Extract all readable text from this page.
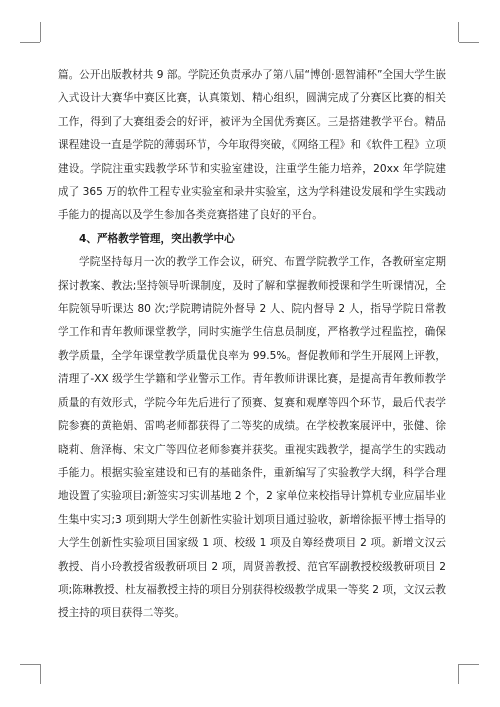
篇。公开出版教材共 9 部。学院还负责承办了第八届“博创·恩智浦杯”全国大学生嵌入式设计大赛华中赛区比赛，认真策划、精心组织，圆满完成了分赛区比赛的相关工作，得到了大赛组委会的好评，被评为全国优秀赛区。三是搭建教学平台。精品课程建设一直是学院的薄弱环节，今年取得突破，《网络工程》和《软件工程》立项建设。学院注重实践教学环节和实验室建设，注重学生能力培养，20xx 年学院建成了 365 万的软件工程专业实验室和录井实验室，这为学科建设发展和学生实践动手能力的提高以及学生参加各类竞赛搭建了良好的平台。

4、严格教学管理，突出教学中心

学院坚持每月一次的教学工作会议，研究、布置学院教学工作，各教研室定期探讨教案、教法;坚持领导听课制度，及时了解和掌握教师授课和学生听课情况，全年院领导听课达 80 次;学院聘请院外督导 2 人、院内督导 2 人，指导学院日常教学工作和青年教师课堂教学，同时实施学生信息员制度，严格教学过程监控，确保教学质量，全学年课堂教学质量优良率为 99.5%。督促教师和学生开展网上评教，清理了-XX 级学生学籍和学业警示工作。青年教师讲课比赛，是提高青年教师教学质量的有效形式，学院今年先后进行了预赛、复赛和观摩等四个环节，最后代表学院参赛的黄艳娟、雷鸣老师都获得了二等奖的成绩。在学校教案展评中，张健、徐晓莉、詹泽梅、宋文广等四位老师参赛并获奖。重视实践教学，提高学生的实践动手能力。根据实验室建设和已有的基础条件，重新编写了实验教学大纲，科学合理地设置了实验项目;新签实习实训基地 2 个，2 家单位来校指导计算机专业应届毕业生集中实习;3 项到期大学生创新性实验计划项目通过验收，新增徐振平博士指导的大学生创新性实验项目国家级 1 项、校级 1 项及自筹经费项目 2 项。新增文汉云教授、肖小玲教授省级教研项目 2 项，周贤善教授、范官军副教授校级教研项目 2 项;陈琳教授、杜友福教授主持的项目分别获得校级教学成果一等奖 2 项，文汉云教授主持的项目获得二等奖。
